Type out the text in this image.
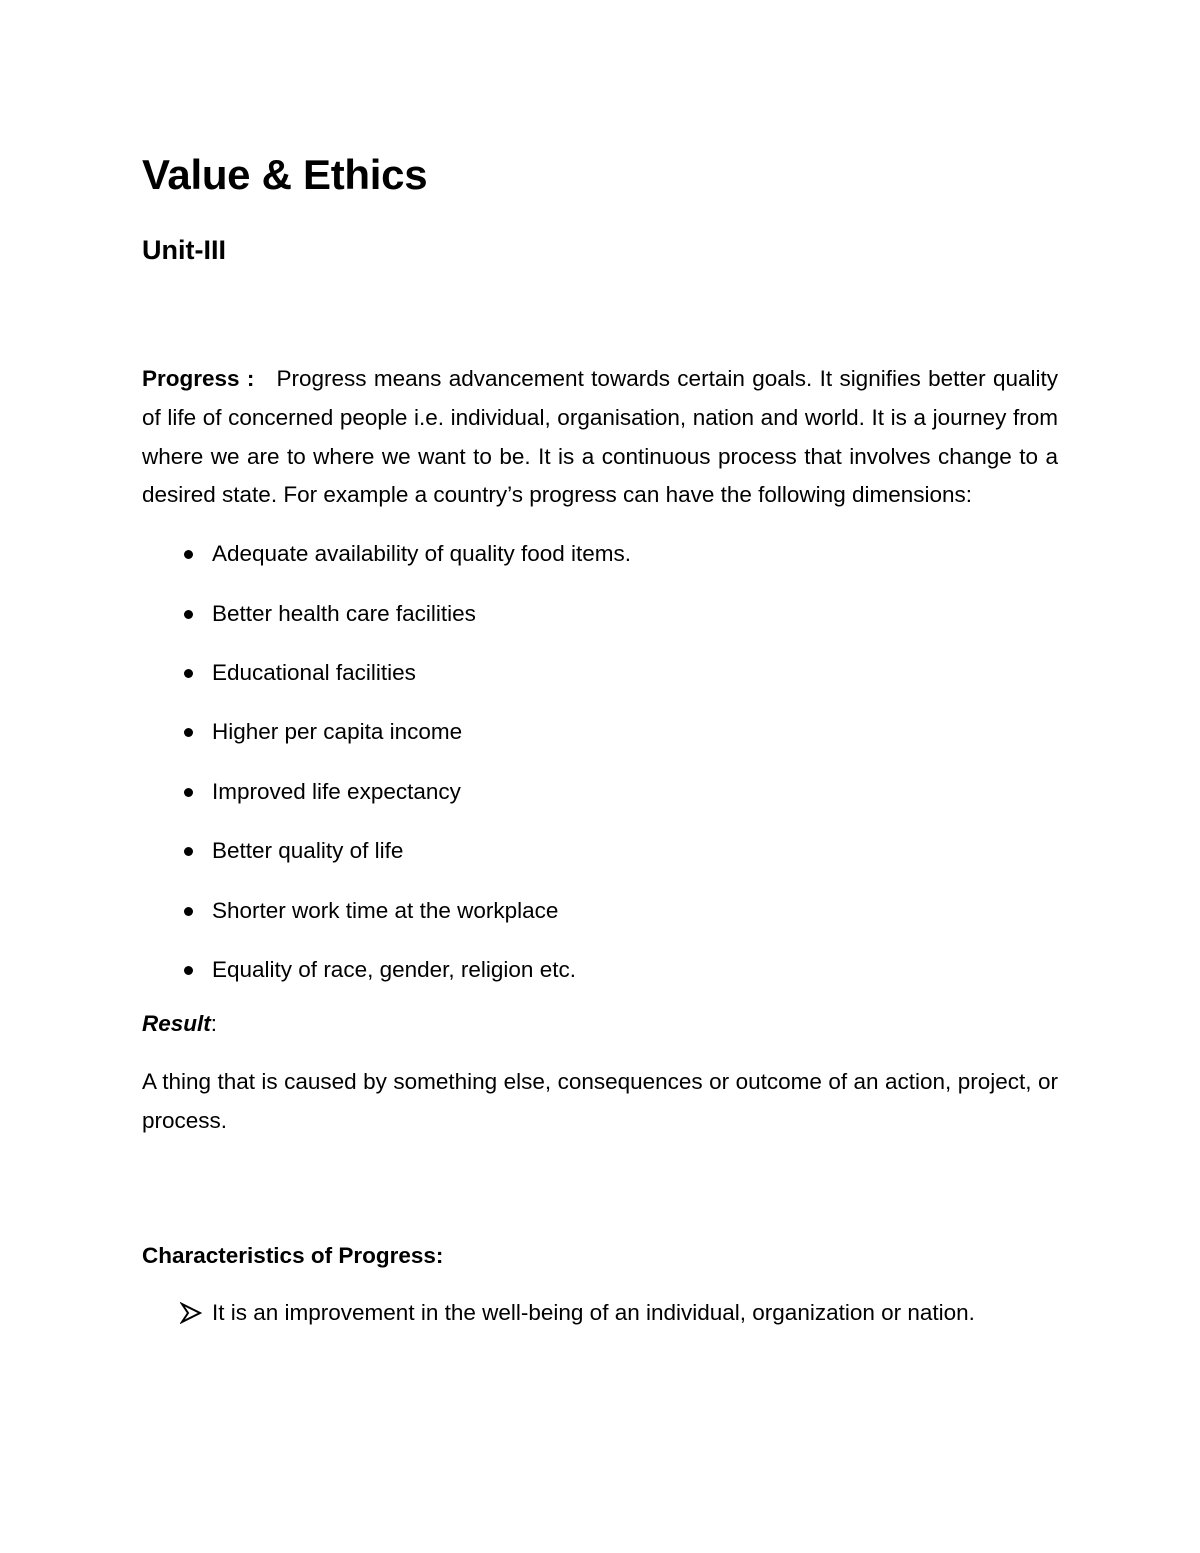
Value & Ethics
Unit-III

Progress : Progress means advancement towards certain goals. It signifies better quality of life of concerned people i.e. individual, organisation, nation and world. It is a journey from where we are to where we want to be. It is a continuous process that involves change to a desired state. For example a country’s progress can have the following dimensions:

Adequate availability of quality food items.
Better health care facilities
Educational facilities
Higher per capita income
Improved life expectancy
Better quality of life
Shorter work time at the workplace
Equality of race, gender, religion etc.

Result:

A thing that is caused by something else, consequences or outcome of an action, project, or process.

Characteristics of Progress:

It is an improvement in the well-being of an individual, organization or nation.
